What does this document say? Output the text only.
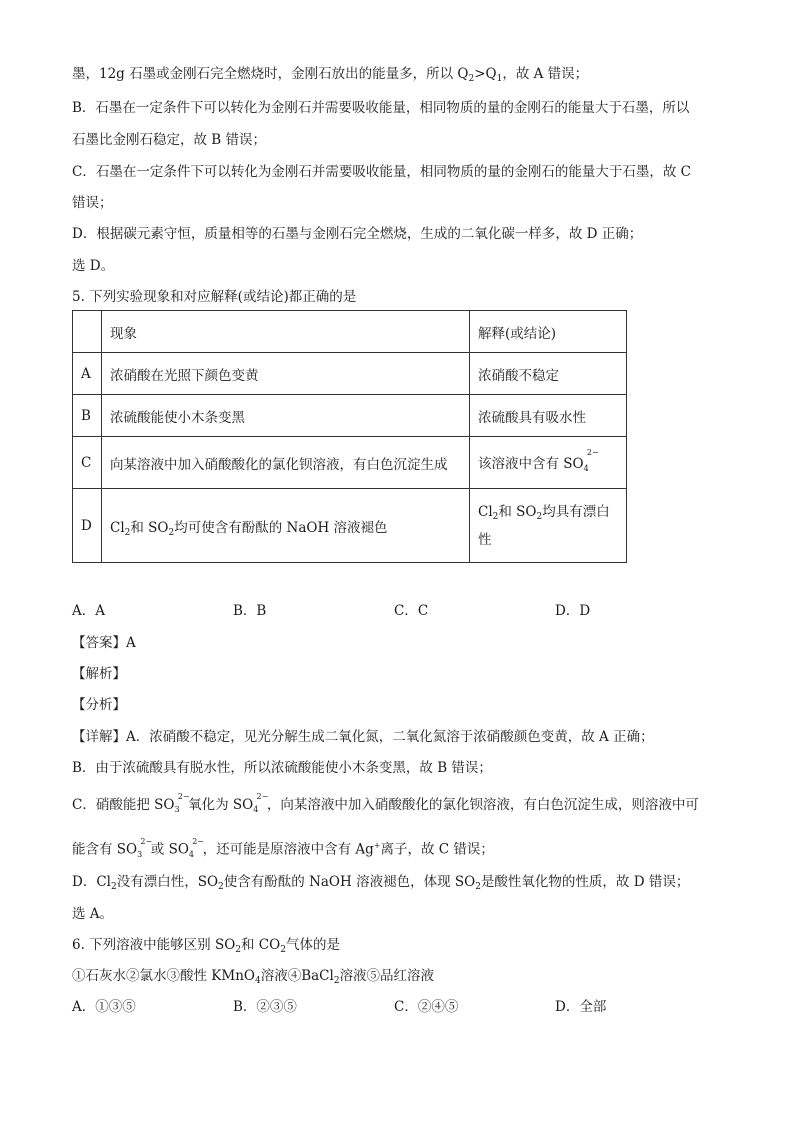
墨，12g 石墨或金刚石完全燃烧时，金刚石放出的能量多，所以 $Q_2>Q_1$，故 A 错误；
B．石墨在一定条件下可以转化为金刚石并需要吸收能量，相同物质的量的金刚石的能量大于石墨，所以
石墨比金刚石稳定，故 B 错误；
C．石墨在一定条件下可以转化为金刚石并需要吸收能量，相同物质的量的金刚石的能量大于石墨，故 C
错误；
D．根据碳元素守恒，质量相等的石墨与金刚石完全燃烧，生成的二氧化碳一样多，故 D 正确；
选 D。
5. 下列实验现象和对应解释(或结论)都正确的是
	现象	解释(或结论)
A	浓硝酸在光照下颜色变黄	浓硝酸不稳定
B	浓硫酸能使小木条变黑	浓硫酸具有吸水性
C	向某溶液中加入硝酸酸化的氯化钡溶液，有白色沉淀生成	该溶液中含有 SO
2−
$_4$
D	$Cl_2$和 $SO_2$均可使含有酚酞的 NaOH 溶液褪色	$Cl_2$和 $SO_2$均具有漂白
性
A．A	B．B	C．C	D．D
【答案】A
【解析】
【分析】
【详解】A．浓硝酸不稳定，见光分解生成二氧化氮，二氧化氮溶于浓硝酸颜色变黄，故 A 正确；
B．由于浓硫酸具有脱水性，所以浓硫酸能使小木条变黑，故 B 错误；
C．硝酸能把 SO
2−
$_3$ 氧化为 SO
2−
$_4$ ，向某溶液中加入硝酸酸化的氯化钡溶液，有白色沉淀生成，则溶液中可
能含有 SO
2−
$_3$ 或 SO
2−
$_4$ ，还可能是原溶液中含有 Ag+离子，故 C 错误；
D．$Cl_2$没有漂白性，$SO_2$使含有酚酞的 NaOH 溶液褪色，体现 $SO_2$是酸性氧化物的性质，故 D 错误；
选 A。
6. 下列溶液中能够区别 $SO_2$和 $CO_2$气体的是
①石灰水②氯水③酸性 KMnO$_4$溶液④BaCl$_2$溶液⑤品红溶液
A．①③⑤	B．②③⑤	C．②④⑤	D．全部
